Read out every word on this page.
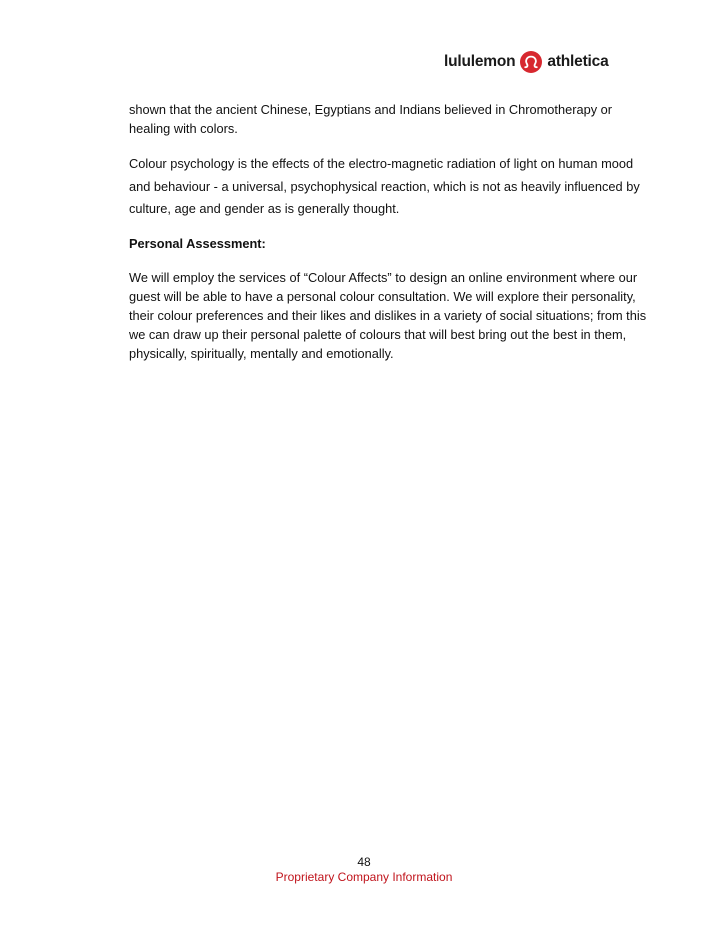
lululemon athletica

shown that the ancient Chinese, Egyptians and Indians believed in Chromotherapy or healing with colors.

Colour psychology is the effects of the electro-magnetic radiation of light on human mood and behaviour - a universal, psychophysical reaction, which is not as heavily influenced by culture, age and gender as is generally thought.

Personal Assessment:

We will employ the services of “Colour Affects” to design an online environment where our guest will be able to have a personal colour consultation. We will explore their personality, their colour preferences and their likes and dislikes in a variety of social situations; from this we can draw up their personal palette of colours that will best bring out the best in them, physically, spiritually, mentally and emotionally.

48
Proprietary Company Information
